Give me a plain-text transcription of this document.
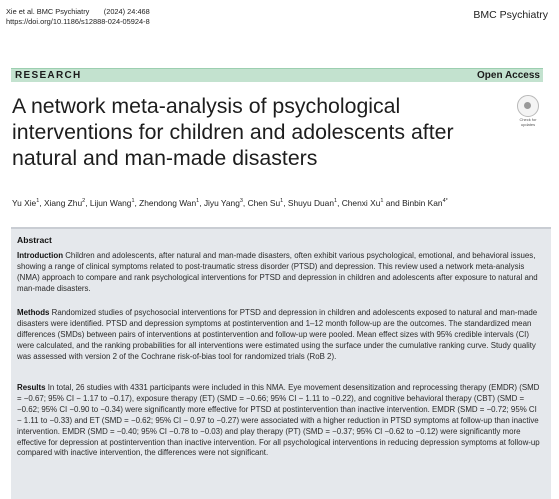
Xie et al. BMC Psychiatry       (2024) 24:468
https://doi.org/10.1186/s12888-024-05924-8
BMC Psychiatry
RESEARCH	Open Access
A network meta-analysis of psychological interventions for children and adolescents after natural and man-made disasters
Check for updates
Yu Xie$^1$, Xiang Zhu$^2$, Lijun Wang$^1$, Zhendong Wan$^1$, Jiyu Yang$^3$, Chen Su$^1$, Shuyu Duan$^1$, Chenxi Xu$^1$ and Binbin Kan$^{4*}$
Abstract

Introduction Children and adolescents, after natural and man-made disasters, often exhibit various psychological, emotional, and behavioral issues, showing a range of clinical symptoms related to post-traumatic stress disorder (PTSD) and depression. This review used a network meta-analysis (NMA) approach to compare and rank psychological interventions for PTSD and depression in children and adolescents after exposure to natural and man-made disasters.

Methods Randomized studies of psychosocial interventions for PTSD and depression in children and adolescents exposed to natural and man-made disasters were identified. PTSD and depression symptoms at postintervention and 1–12 month follow-up are the outcomes. The standardized mean differences (SMDs) between pairs of interventions at postintervention and follow-up were pooled. Mean effect sizes with 95% credible intervals (CI) were calculated, and the ranking probabilities for all interventions were estimated using the surface under the cumulative ranking curve. Study quality was assessed with version 2 of the Cochrane risk-of-bias tool for randomized trials (RoB 2).

Results In total, 26 studies with 4331 participants were included in this NMA. Eye movement desensitization and reprocessing therapy (EMDR) (SMD = −0.67; 95% CI − 1.17 to −0.17), exposure therapy (ET) (SMD = −0.66; 95% CI − 1.11 to −0.22), and cognitive behavioral therapy (CBT) (SMD = −0.62; 95% CI −0.90 to −0.34) were significantly more effective for PTSD at postintervention than inactive intervention. EMDR (SMD = −0.72; 95% CI − 1.11 to −0.33) and ET (SMD = −0.62; 95% CI − 0.97 to −0.27) were associated with a higher reduction in PTSD symptoms at follow-up than inactive intervention. EMDR (SMD = −0.40; 95% CI −0.78 to −0.03) and play therapy (PT) (SMD = −0.37; 95% CI −0.62 to −0.12) were significantly more effective for depression at postintervention than inactive intervention. For all psychological interventions in reducing depression symptoms at follow-up compared with inactive intervention, the differences were not significant.
